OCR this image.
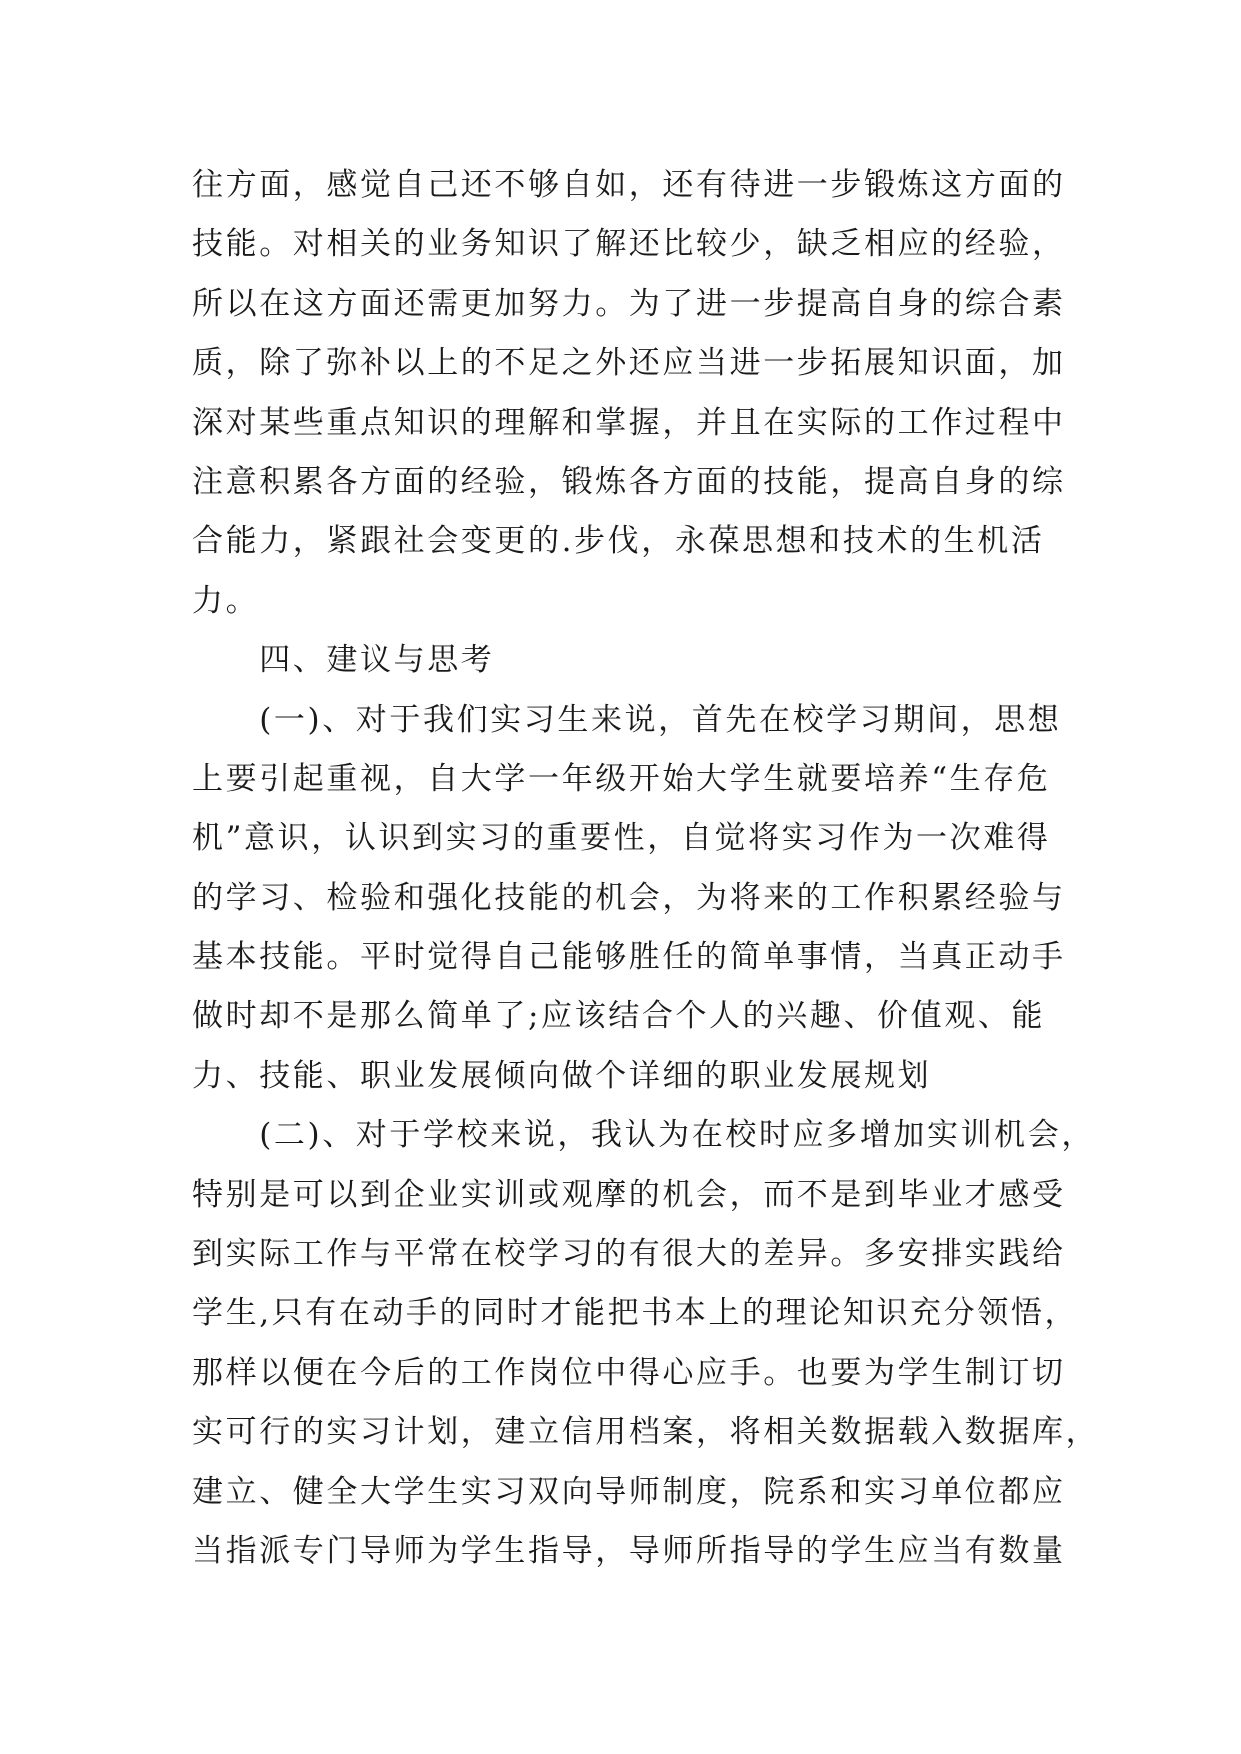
往方面，感觉自己还不够自如，还有待进一步锻炼这方面的
技能。对相关的业务知识了解还比较少，缺乏相应的经验，
所以在这方面还需更加努力。为了进一步提高自身的综合素
质，除了弥补以上的不足之外还应当进一步拓展知识面，加
深对某些重点知识的理解和掌握，并且在实际的工作过程中
注意积累各方面的经验，锻炼各方面的技能，提高自身的综
合能力，紧跟社会变更的.步伐，永葆思想和技术的生机活
力。
　　四、建议与思考
　　(一)、对于我们实习生来说，首先在校学习期间，思想
上要引起重视，自大学一年级开始大学生就要培养“生存危
机”意识，认识到实习的重要性，自觉将实习作为一次难得
的学习、检验和强化技能的机会，为将来的工作积累经验与
基本技能。平时觉得自己能够胜任的简单事情，当真正动手
做时却不是那么简单了;应该结合个人的兴趣、价值观、能
力、技能、职业发展倾向做个详细的职业发展规划
　　(二)、对于学校来说，我认为在校时应多增加实训机会，
特别是可以到企业实训或观摩的机会，而不是到毕业才感受
到实际工作与平常在校学习的有很大的差异。多安排实践给
学生,只有在动手的同时才能把书本上的理论知识充分领悟，
那样以便在今后的工作岗位中得心应手。也要为学生制订切
实可行的实习计划，建立信用档案，将相关数据载入数据库，
建立、健全大学生实习双向导师制度，院系和实习单位都应
当指派专门导师为学生指导，导师所指导的学生应当有数量
